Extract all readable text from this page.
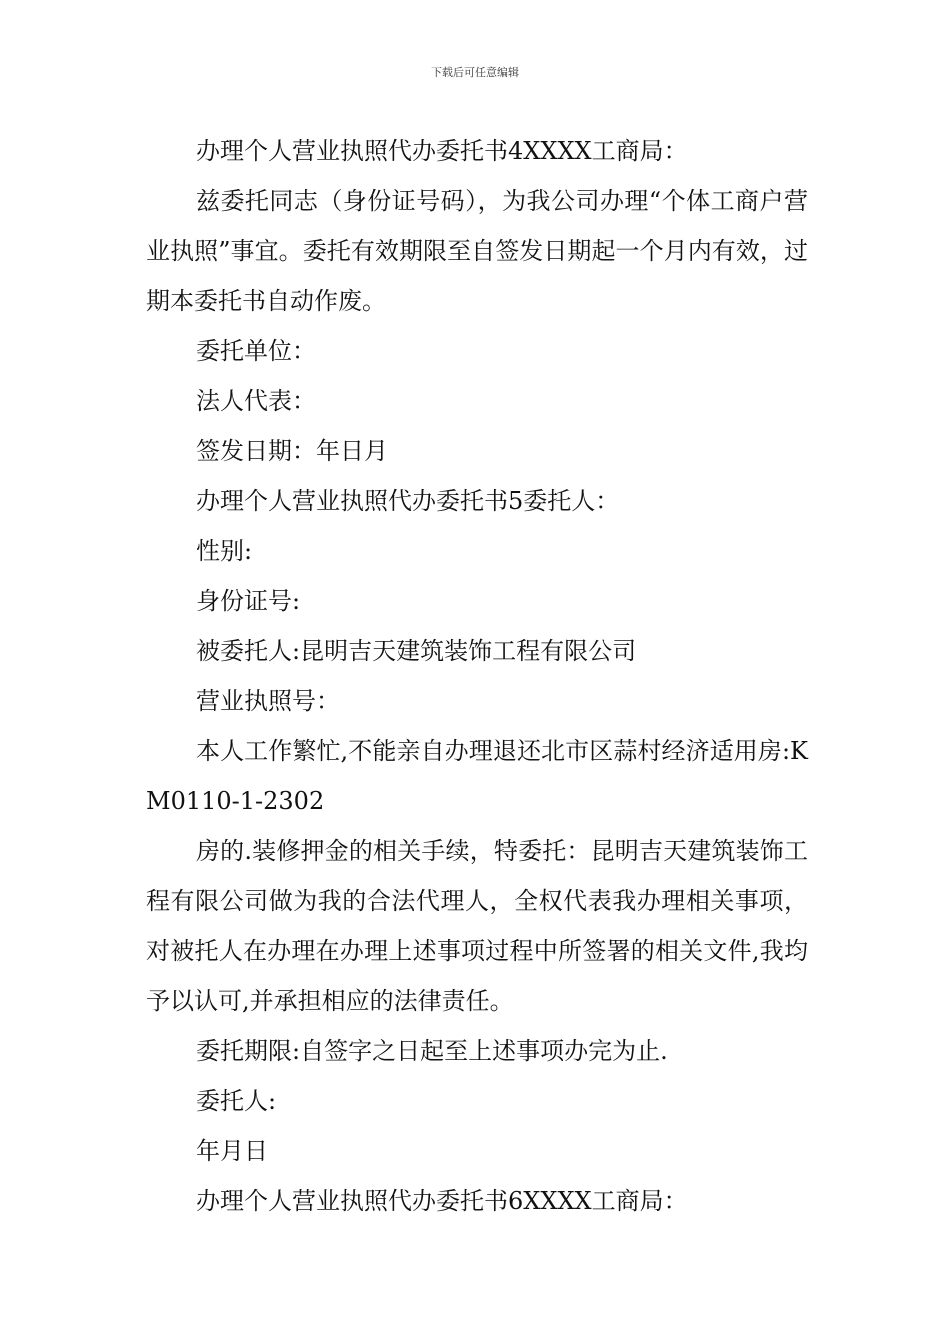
下载后可任意编辑

办理个人营业执照代办委托书4XXXX工商局：

兹委托同志（身份证号码），为我公司办理“个体工商户营业执照”事宜。委托有效期限至自签发日期起一个月内有效，过期本委托书自动作废。

委托单位：

法人代表：

签发日期：年日月

办理个人营业执照代办委托书5委托人：

性别:

身份证号:

被委托人:昆明吉天建筑装饰工程有限公司

营业执照号：

本人工作繁忙,不能亲自办理退还北市区蒜村经济适用房:KM0110-1-2302

房的.装修押金的相关手续，特委托：昆明吉天建筑装饰工程有限公司做为我的合法代理人，全权代表我办理相关事项，对被托人在办理在办理上述事项过程中所签署的相关文件,我均予以认可,并承担相应的法律责任。

委托期限:自签字之日起至上述事项办完为止.

委托人:

年月日

办理个人营业执照代办委托书6XXXX工商局：
